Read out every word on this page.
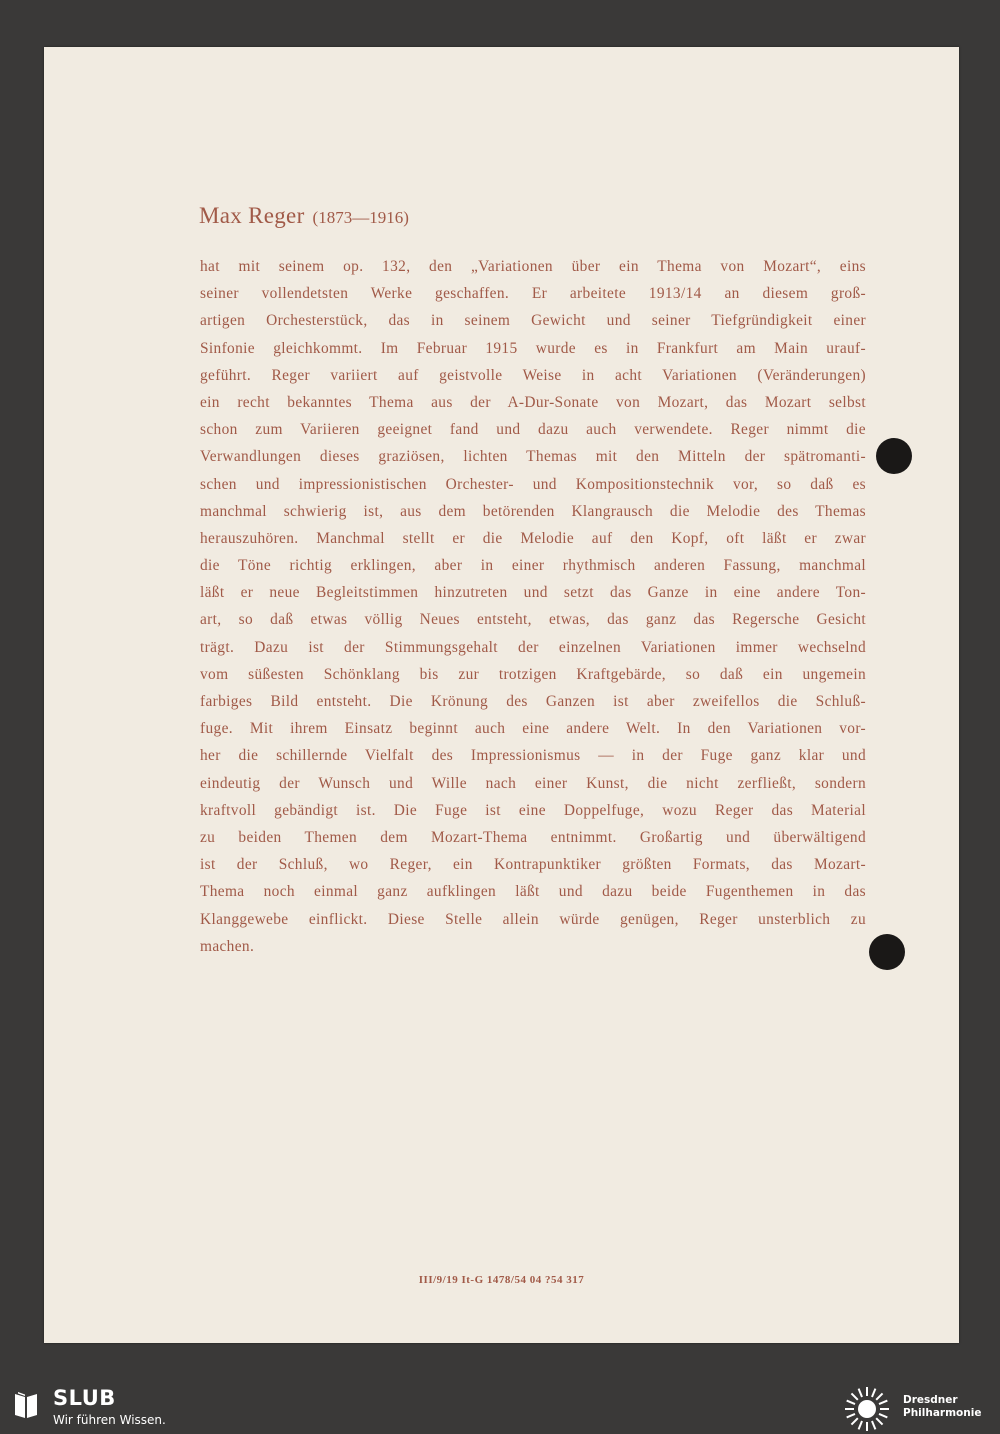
Max Reger (1873—1916)
hat mit seinem op. 132, den „Variationen über ein Thema von Mozart“, eins
seiner vollendetsten Werke geschaffen. Er arbeitete 1913/14 an diesem groß-
artigen Orchesterstück, das in seinem Gewicht und seiner Tiefgründigkeit einer
Sinfonie gleichkommt. Im Februar 1915 wurde es in Frankfurt am Main urauf-
geführt. Reger variiert auf geistvolle Weise in acht Variationen (Veränderungen)
ein recht bekanntes Thema aus der A-Dur-Sonate von Mozart, das Mozart selbst
schon zum Variieren geeignet fand und dazu auch verwendete. Reger nimmt die
Verwandlungen dieses graziösen, lichten Themas mit den Mitteln der spätromanti-
schen und impressionistischen Orchester- und Kompositionstechnik vor, so daß es
manchmal schwierig ist, aus dem betörenden Klangrausch die Melodie des Themas
herauszuhören. Manchmal stellt er die Melodie auf den Kopf, oft läßt er zwar
die Töne richtig erklingen, aber in einer rhythmisch anderen Fassung, manchmal
läßt er neue Begleitstimmen hinzutreten und setzt das Ganze in eine andere Ton-
art, so daß etwas völlig Neues entsteht, etwas, das ganz das Regersche Gesicht
trägt. Dazu ist der Stimmungsgehalt der einzelnen Variationen immer wechselnd
vom süßesten Schönklang bis zur trotzigen Kraftgebärde, so daß ein ungemein
farbiges Bild entsteht. Die Krönung des Ganzen ist aber zweifellos die Schluß-
fuge. Mit ihrem Einsatz beginnt auch eine andere Welt. In den Variationen vor-
her die schillernde Vielfalt des Impressionismus — in der Fuge ganz klar und
eindeutig der Wunsch und Wille nach einer Kunst, die nicht zerfließt, sondern
kraftvoll gebändigt ist. Die Fuge ist eine Doppelfuge, wozu Reger das Material
zu beiden Themen dem Mozart-Thema entnimmt. Großartig und überwältigend
ist der Schluß, wo Reger, ein Kontrapunktiker größten Formats, das Mozart-
Thema noch einmal ganz aufklingen läßt und dazu beide Fugenthemen in das
Klanggewebe einflickt. Diese Stelle allein würde genügen, Reger unsterblich zu
machen.
III/9/19 It-G 1478/54 04 ?54 317
SLUB
Wir führen Wissen.
Dresdner
Philharmonie
